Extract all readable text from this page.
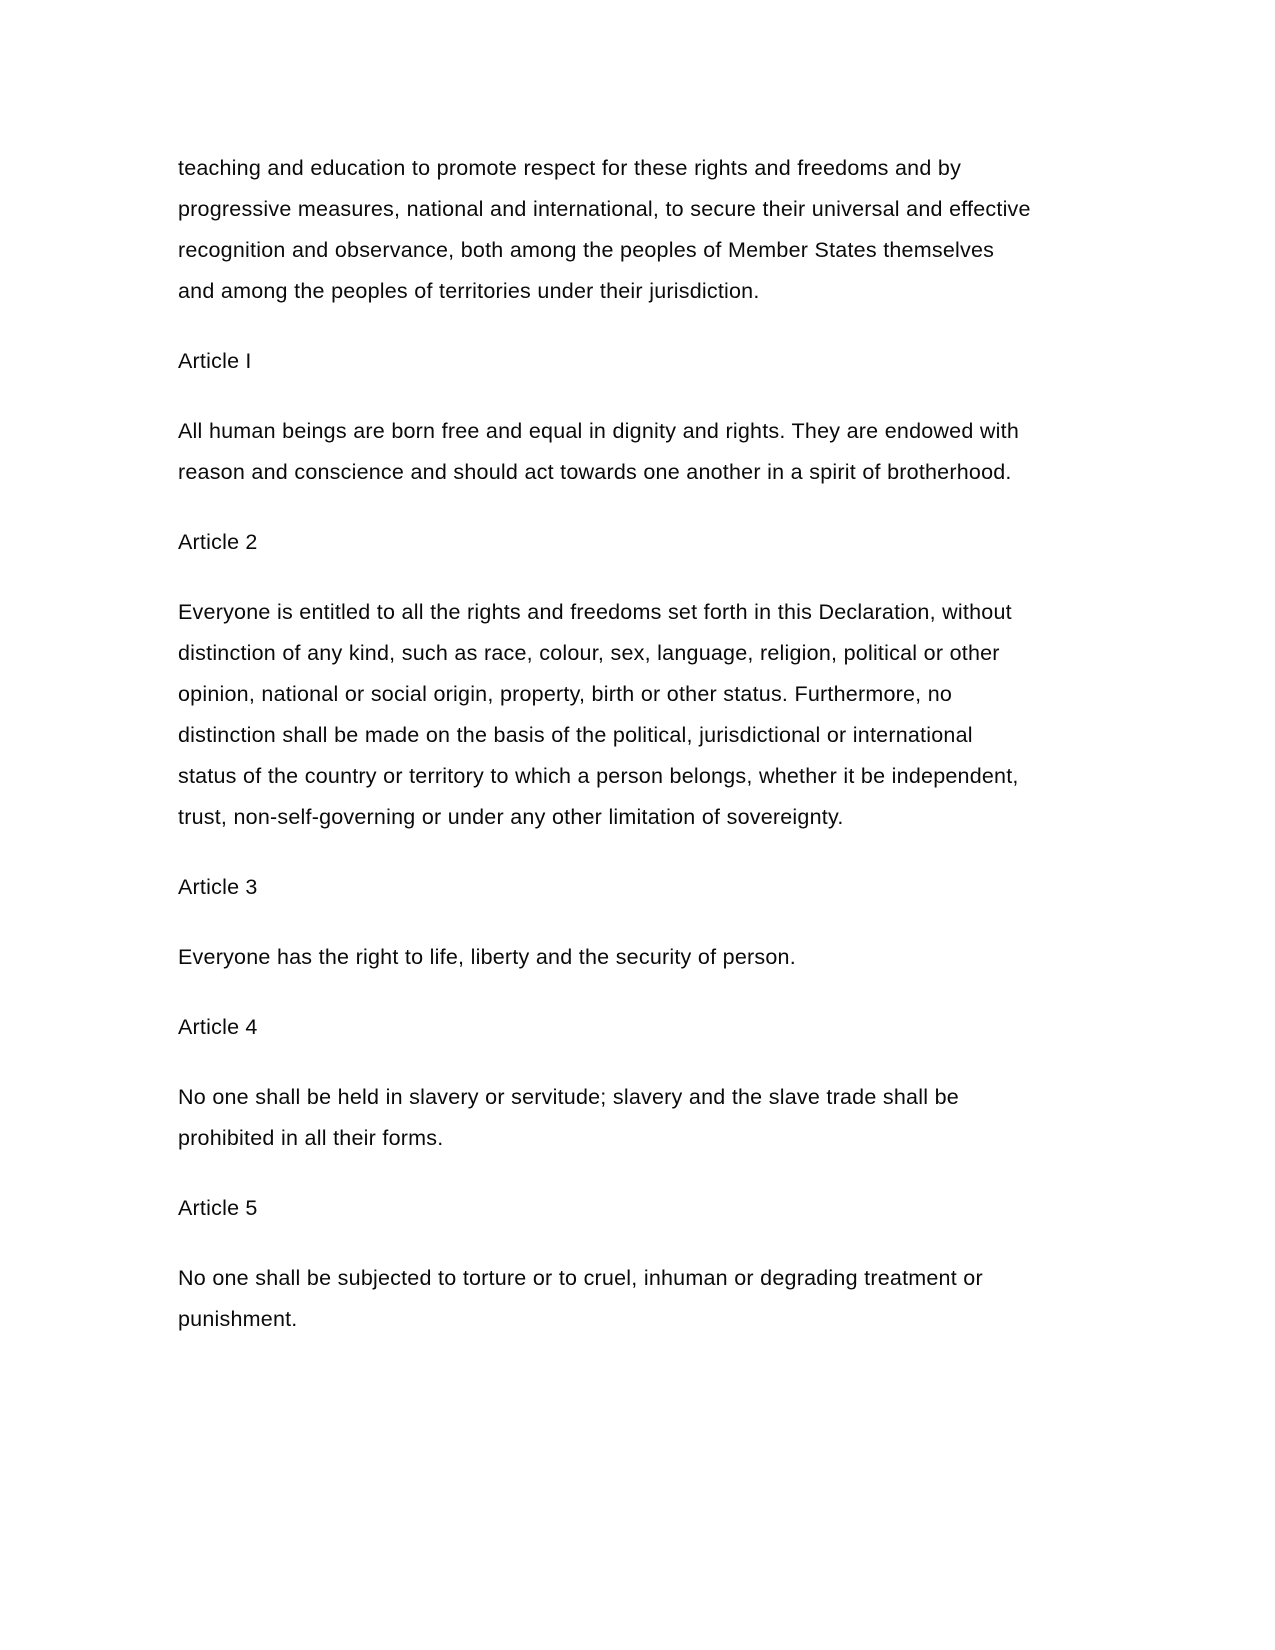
teaching and education to promote respect for these rights and freedoms and by progressive measures, national and international, to secure their universal and effective recognition and observance, both among the peoples of Member States themselves and among the peoples of territories under their jurisdiction.

Article I

All human beings are born free and equal in dignity and rights. They are endowed with reason and conscience and should act towards one another in a spirit of brotherhood.

Article 2

Everyone is entitled to all the rights and freedoms set forth in this Declaration, without distinction of any kind, such as race, colour, sex, language, religion, political or other opinion, national or social origin, property, birth or other status. Furthermore, no distinction shall be made on the basis of the political, jurisdictional or international status of the country or territory to which a person belongs, whether it be independent, trust, non-self-governing or under any other limitation of sovereignty.

Article 3

Everyone has the right to life, liberty and the security of person.

Article 4

No one shall be held in slavery or servitude; slavery and the slave trade shall be prohibited in all their forms.

Article 5

No one shall be subjected to torture or to cruel, inhuman or degrading treatment or punishment.
